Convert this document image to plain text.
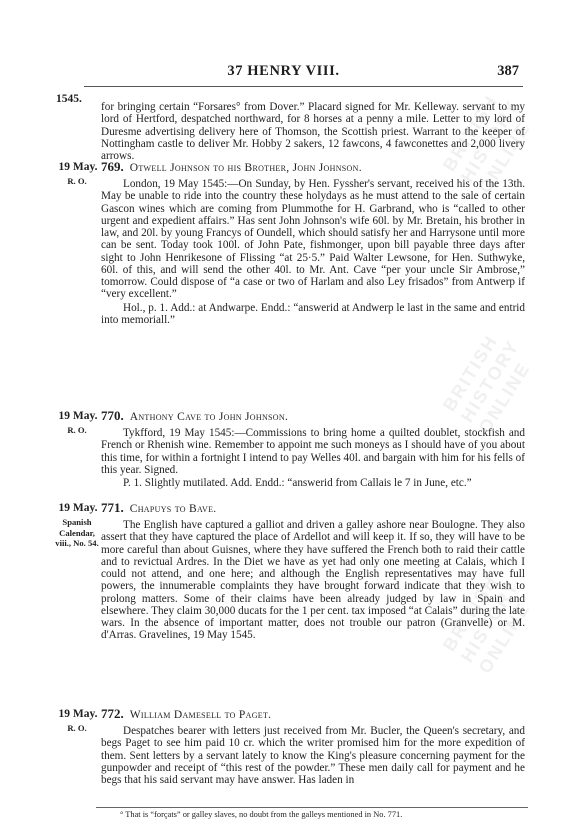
37 HENRY VIII.	387
1545.

for bringing certain “Forsares° from Dover.” Placard signed for Mr. Kelleway. servant to my lord of Hertford, despatched northward, for 8 horses at a penny a mile. Letter to my lord of Duresme advertising delivery here of Thomson, the Scottish priest. Warrant to the keeper of Nottingham castle to deliver Mr. Hobby 2 sakers, 12 fawcons, 4 fawconettes and 2,000 livery arrows.

19 May.
R. O.
769. Otwell Johnson to his Brother, John Johnson.

London, 19 May 1545:—On Sunday, by Hen. Fyssher's servant, received his of the 13th. May be unable to ride into the country these holydays as he must attend to the sale of certain Gascon wines which are coming from Plummothe for H. Garbrand, who is “called to other urgent and expedient affairs.” Has sent John Johnson's wife 60l. by Mr. Bretain, his brother in law, and 20l. by young Francys of Oundell, which should satisfy her and Harrysone until more can be sent. Today took 100l. of John Pate, fishmonger, upon bill payable three days after sight to John Henrikesone of Flissing “at 25·5.” Paid Walter Lewsone, for Hen. Suthwyke, 60l. of this, and will send the other 40l. to Mr. Ant. Cave “per your uncle Sir Ambrose,” tomorrow. Could dispose of “a case or two of Harlam and also Ley frisados” from Antwerp if “very excellent.”

Hol., p. 1. Add.: at Andwarpe. Endd.: “answerid at Andwerp le last in the same and entrid into memoriall.”

19 May.
R. O.
770. Anthony Cave to John Johnson.

Tykfford, 19 May 1545:—Commissions to bring home a quilted doublet, stockfish and French or Rhenish wine. Remember to appoint me such moneys as I should have of you about this time, for within a fortnight I intend to pay Welles 40l. and bargain with him for his fells of this year. Signed.

P. 1. Slightly mutilated. Add. Endd.: “answerid from Callais le 7 in June, etc.”

19 May.
Spanish Calendar, viii., No. 54.
771. Chapuys to Bave.

The English have captured a galliot and driven a galley ashore near Boulogne. They also assert that they have captured the place of Ardellot and will keep it. If so, they will have to be more careful than about Guisnes, where they have suffered the French both to raid their cattle and to revictual Ardres. In the Diet we have as yet had only one meeting at Calais, which I could not attend, and one here; and although the English representatives may have full powers, the innumerable complaints they have brought forward indicate that they wish to prolong matters. Some of their claims have been already judged by law in Spain and elsewhere. They claim 30,000 ducats for the 1 per cent. tax imposed “at Calais” during the late wars. In the absence of important matter, does not trouble our patron (Granvelle) or M. d'Arras. Gravelines, 19 May 1545.

19 May.
R. O.
772. William Damesell to Paget.

Despatches bearer with letters just received from Mr. Bucler, the Queen's secretary, and begs Paget to see him paid 10 cr. which the writer promised him for the more expedition of them. Sent letters by a servant lately to know the King's pleasure concerning payment for the gunpowder and receipt of “this rest of the powder.” These men daily call for payment and he begs that his said servant may have answer. Has laden in

° That is “forçats” or galley slaves, no doubt from the galleys mentioned in No. 771.
BRITISH HISTORY ONLINE
BRITISH HISTORY ONLINE
BRITISH HISTORY ONLINE
